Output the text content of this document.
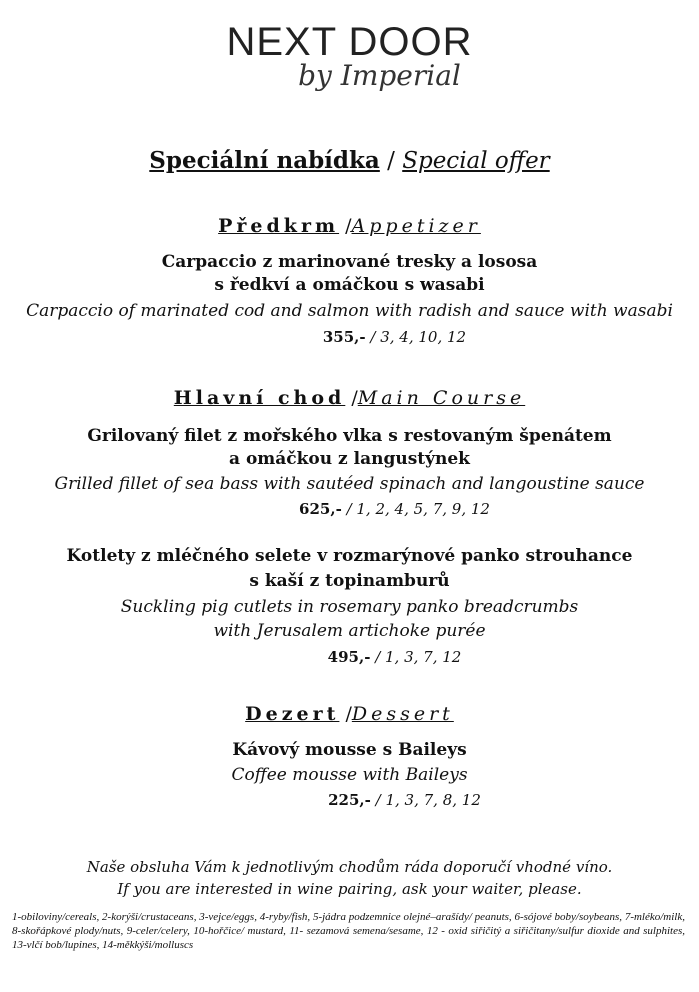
NEXT DOOR
by Imperial
Speciální nabídka / Special offer
Předkrm /Appetizer
Carpaccio z marinované tresky a lososa
s ředkví a omáčkou s wasabi
Carpaccio of marinated cod and salmon with radish and sauce with wasabi
355,- / 3, 4, 10, 12
Hlavní chod /Main Course
Grilovaný filet z mořského vlka s restovaným špenátem
a omáčkou z langustýnek
Grilled fillet of sea bass with sautéed spinach and langoustine sauce
625,- / 1, 2, 4, 5, 7, 9, 12
Kotlety z mléčného selete v rozmarýnové panko strouhance
s kaší z topinamburů
Suckling pig cutlets in rosemary panko breadcrumbs
with Jerusalem artichoke purée
495,- / 1, 3, 7, 12
Dezert /Dessert
Kávový mousse s Baileys
Coffee mousse with Baileys
225,- / 1, 3, 7, 8, 12
Naše obsluha Vám k jednotlivým chodům ráda doporučí vhodné víno.
If you are interested in wine pairing, ask your waiter, please.
1-obiloviny/cereals, 2-korýši/crustaceans, 3-vejce/eggs, 4-ryby/fish, 5-jádra podzemnice olejné–arašídy/ peanuts, 6-sójové boby/soybeans, 7-mléko/milk, 8-skořápkové plody/nuts, 9-celer/celery, 10-hořčice/ mustard, 11- sezamová semena/sesame, 12 - oxid siřičitý a siřičitany/sulfur dioxide and sulphites, 13-vlčí bob/lupines, 14-měkkýši/molluscs
